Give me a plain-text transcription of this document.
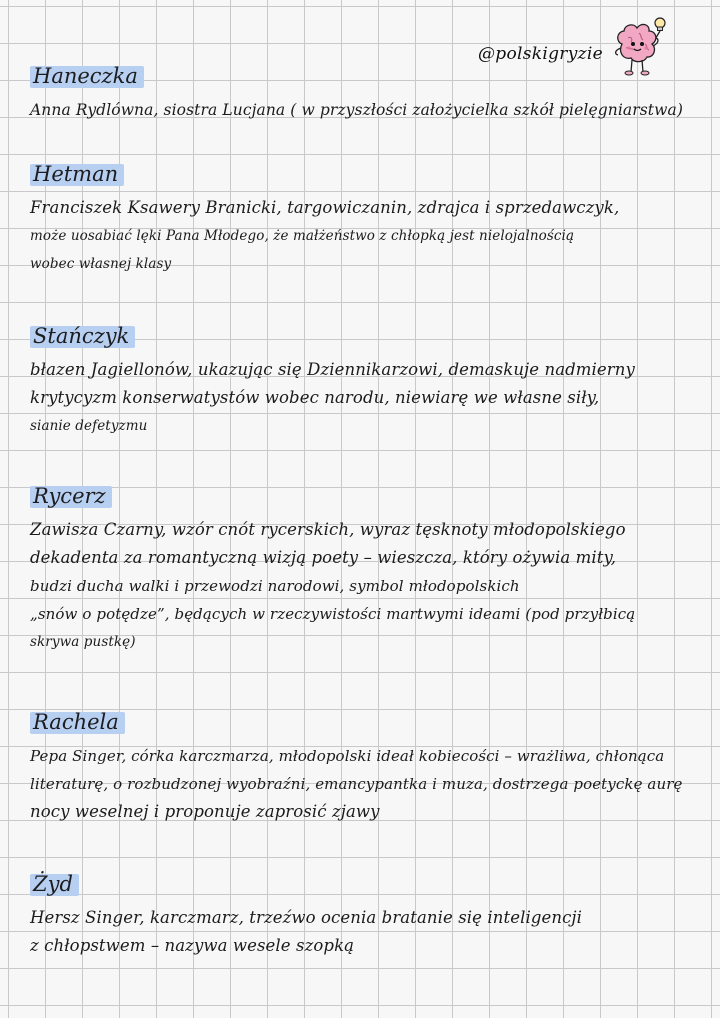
@polskigryzie
Haneczka
Anna Rydlówna, siostra Lucjana ( w przyszłości założycielka szkół pielęgniarstwa)
Hetman
Franciszek Ksawery Branicki, targowiczanin, zdrajca i sprzedawczyk,
może uosabiać lęki Pana Młodego, że małżeństwo z chłopką jest nielojalnością
wobec własnej klasy
Stańczyk
błazen Jagiellonów, ukazując się Dziennikarzowi, demaskuje nadmierny
krytycyzm konserwatystów wobec narodu, niewiarę we własne siły,
sianie defetyzmu
Rycerz
Zawisza Czarny, wzór cnót rycerskich, wyraz tęsknoty młodopolskiego
dekadenta za romantyczną wizją poety – wieszcza, który ożywia mity,
budzi ducha walki i przewodzi narodowi, symbol młodopolskich
„snów o potędze”, będących w rzeczywistości martwymi ideami (pod przyłbicą
skrywa pustkę)
Rachela
Pepa Singer, córka karczmarza, młodopolski ideał kobiecości – wrażliwa, chłonąca
literaturę, o rozbudzonej wyobraźni, emancypantka i muza, dostrzega poetyckę aurę
nocy weselnej i proponuje zaprosić zjawy
Żyd
Hersz Singer, karczmarz, trzeźwo ocenia bratanie się inteligencji
z chłopstwem – nazywa wesele szopką
